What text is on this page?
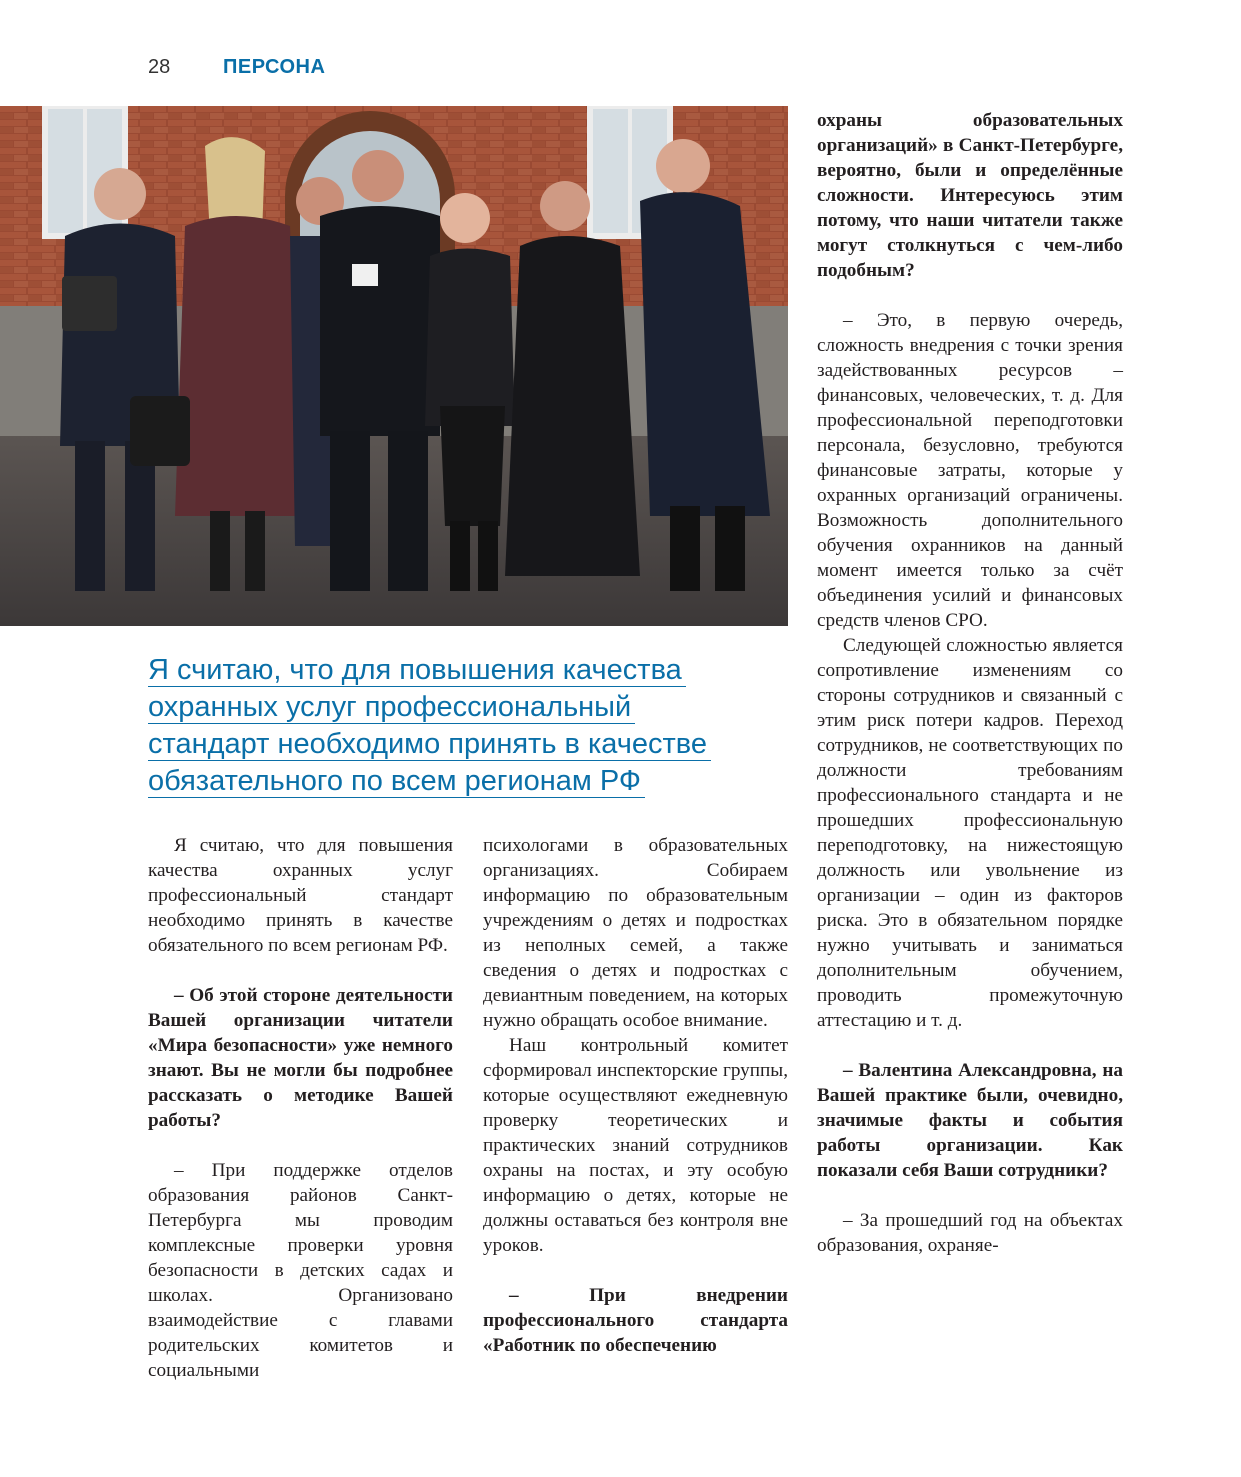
28	ПЕРСОНА
Я считаю, что для повышения качества
охранных услуг профессиональный
стандарт необходимо принять в качестве
обязательного по всем регионам РФ

Я считаю, что для повышения качества охранных услуг профессиональный стандарт необходимо принять в качестве обязательного по всем регионам РФ.

– Об этой стороне деятельности Вашей организации читатели «Мира безопасности» уже немного знают. Вы не могли бы подробнее рассказать о методике Вашей работы?

– При поддержке отделов образования районов Санкт-Петербурга мы проводим комплексные проверки уровня безопасности в детских садах и школах. Организовано взаимодействие с главами родительских комитетов и социальными

психологами в образовательных организациях. Собираем информацию по образовательным учреждениям о детях и подростках из неполных семей, а также сведения о детях и подростках с девиантным поведением, на которых нужно обращать особое внимание.

Наш контрольный комитет сформировал инспекторские группы, которые осуществляют ежедневную проверку теоретических и практических знаний сотрудников охраны на постах, и эту особую информацию о детях, которые не должны оставаться без контроля вне уроков.

– При внедрении профессионального стандарта «Работник по обеспечению

охраны образовательных организаций» в Санкт-Петербурге, вероятно, были и определённые сложности. Интересуюсь этим потому, что наши читатели также могут столкнуться с чем-либо подобным?

– Это, в первую очередь, сложность внедрения с точки зрения задействованных ресурсов – финансовых, человеческих, т. д. Для профессиональной переподготовки персонала, безусловно, требуются финансовые затраты, которые у охранных организаций ограничены. Возможность дополнительного обучения охранников на данный момент имеется только за счёт объединения усилий и финансовых средств членов СРО.

Следующей сложностью является сопротивление изменениям со стороны сотрудников и связанный с этим риск потери кадров. Переход сотрудников, не соответствующих по должности требованиям профессионального стандарта и не прошедших профессиональную переподготовку, на нижестоящую должность или увольнение из организации – один из факторов риска. Это в обязательном порядке нужно учитывать и заниматься дополнительным обучением, проводить промежуточную аттестацию и т. д.

– Валентина Александровна, на Вашей практике были, очевидно, значимые факты и события работы организации. Как показали себя Ваши сотрудники?

– За прошедший год на объектах образования, охраняе-
